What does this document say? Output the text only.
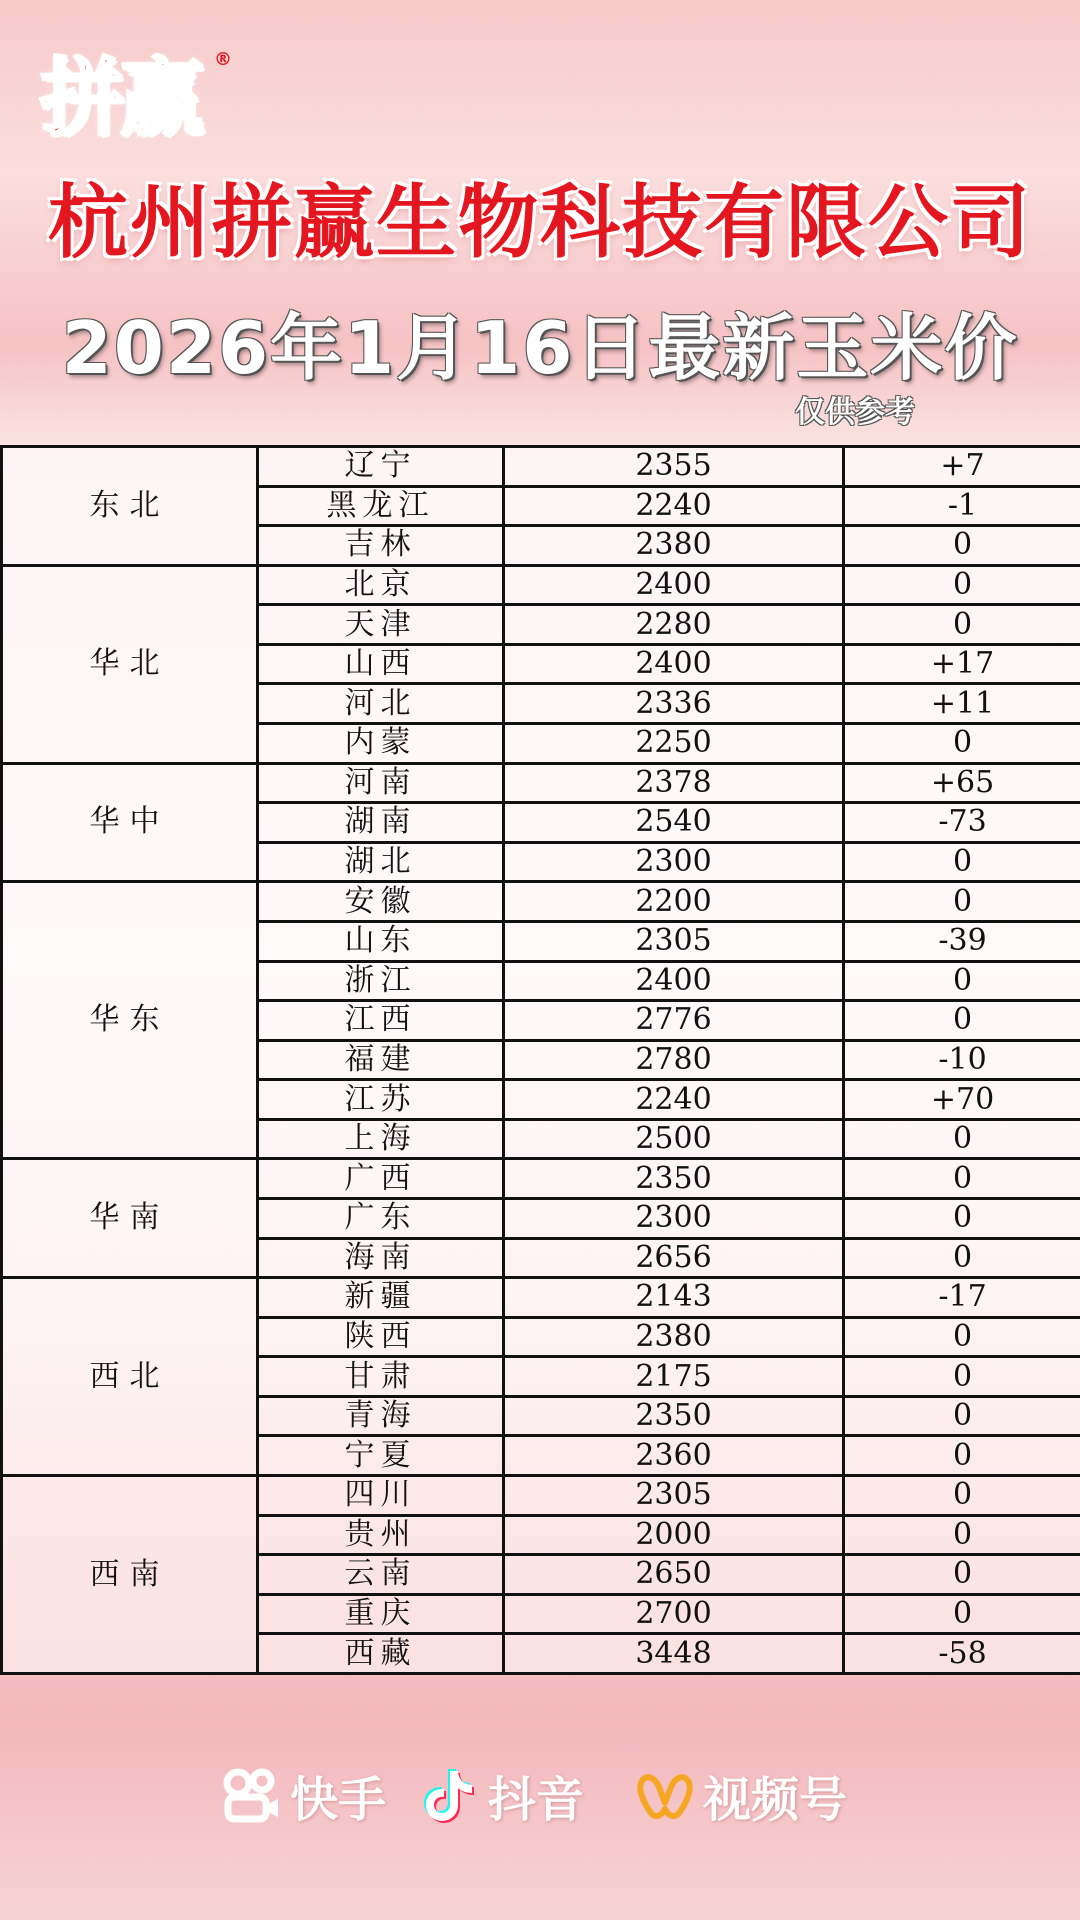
拼赢 ®
杭州拼赢生物科技有限公司
2026年1月16日最新玉米价
仅供参考
东北	辽宁	2355	+7
	黑龙江	2240	-1
	吉林	2380	0
华北	北京	2400	0
	天津	2280	0
	山西	2400	+17
	河北	2336	+11
	内蒙	2250	0
华中	河南	2378	+65
	湖南	2540	-73
	湖北	2300	0
华东	安徽	2200	0
	山东	2305	-39
	浙江	2400	0
	江西	2776	0
	福建	2780	-10
	江苏	2240	+70
	上海	2500	0
华南	广西	2350	0
	广东	2300	0
	海南	2656	0
西北	新疆	2143	-17
	陕西	2380	0
	甘肃	2175	0
	青海	2350	0
	宁夏	2360	0
西南	四川	2305	0
	贵州	2000	0
	云南	2650	0
	重庆	2700	0
	西藏	3448	-58
快手 抖音 视频号
